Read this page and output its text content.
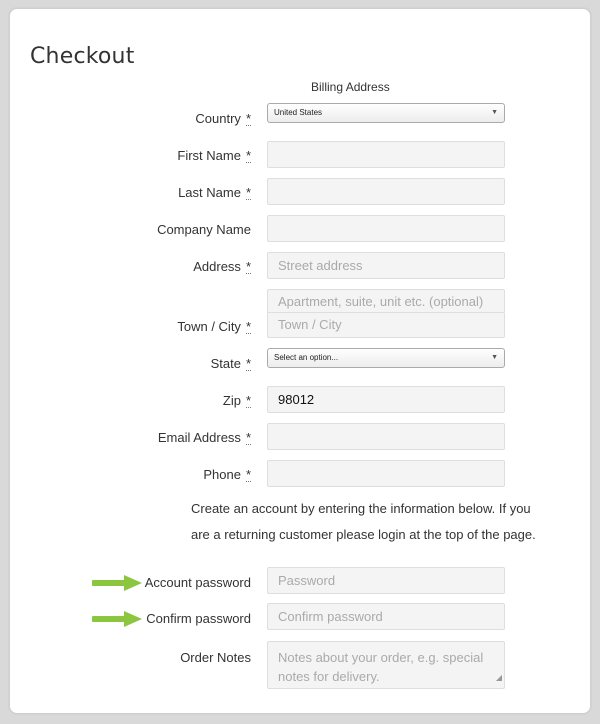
Checkout
Billing Address
Country *	United States	▼
First Name *
Last Name *
Company Name
Address *	Street address
Apartment, suite, unit etc. (optional)
Town / City *	Town / City
State *	Select an option...	▼
Zip *	98012
Email Address *
Phone *
Create an account by entering the information below. If you
are a returning customer please login at the top of the page.
Account password	Password
Confirm password	Confirm password
Order Notes Notes about your order, e.g. special
notes for delivery.	◢
